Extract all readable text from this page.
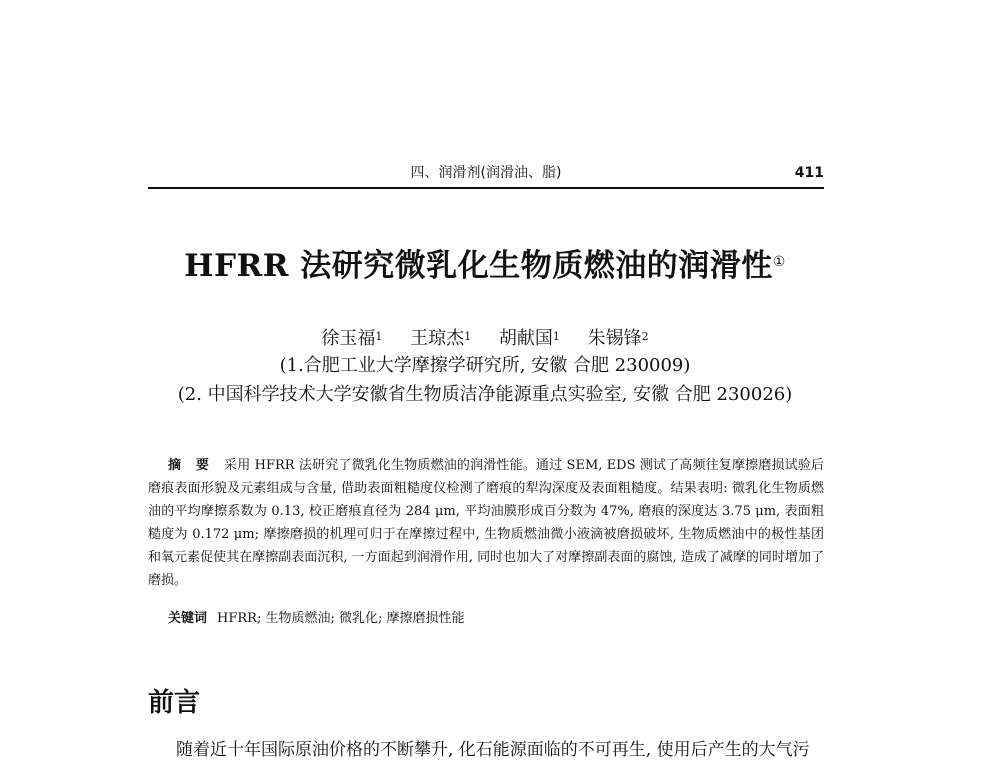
四、润滑剂(润滑油、脂)	411
HFRR 法研究微乳化生物质燃油的润滑性①
徐玉福$^1$ 王琼杰$^1$ 胡献国$^1$ 朱锡锋$^2$
(1.合肥工业大学摩擦学研究所, 安徽 合肥 230009)
(2. 中国科学技术大学安徽省生物质洁净能源重点实验室, 安徽 合肥 230026)
摘 要 采用 HFRR 法研究了微乳化生物质燃油的润滑性能。通过 SEM, EDS 测试了高频往复摩擦磨损试验后磨痕表面形貌及元素组成与含量, 借助表面粗糙度仪检测了磨痕的犁沟深度及表面粗糙度。结果表明: 微乳化生物质燃油的平均摩擦系数为 0.13, 校正磨痕直径为 284 μm, 平均油膜形成百分数为 47%, 磨痕的深度达 3.75 μm, 表面粗糙度为 0.172 μm; 摩擦磨损的机理可归于在摩擦过程中, 生物质燃油微小液滴被磨损破坏, 生物质燃油中的极性基团和氧元素促使其在摩擦副表面沉积, 一方面起到润滑作用, 同时也加大了对摩擦副表面的腐蚀, 造成了减摩的同时增加了磨损。
关键词 HFRR; 生物质燃油; 微乳化; 摩擦磨损性能
前言
随着近十年国际原油价格的不断攀升, 化石能源面临的不可再生, 使用后产生的大气污
